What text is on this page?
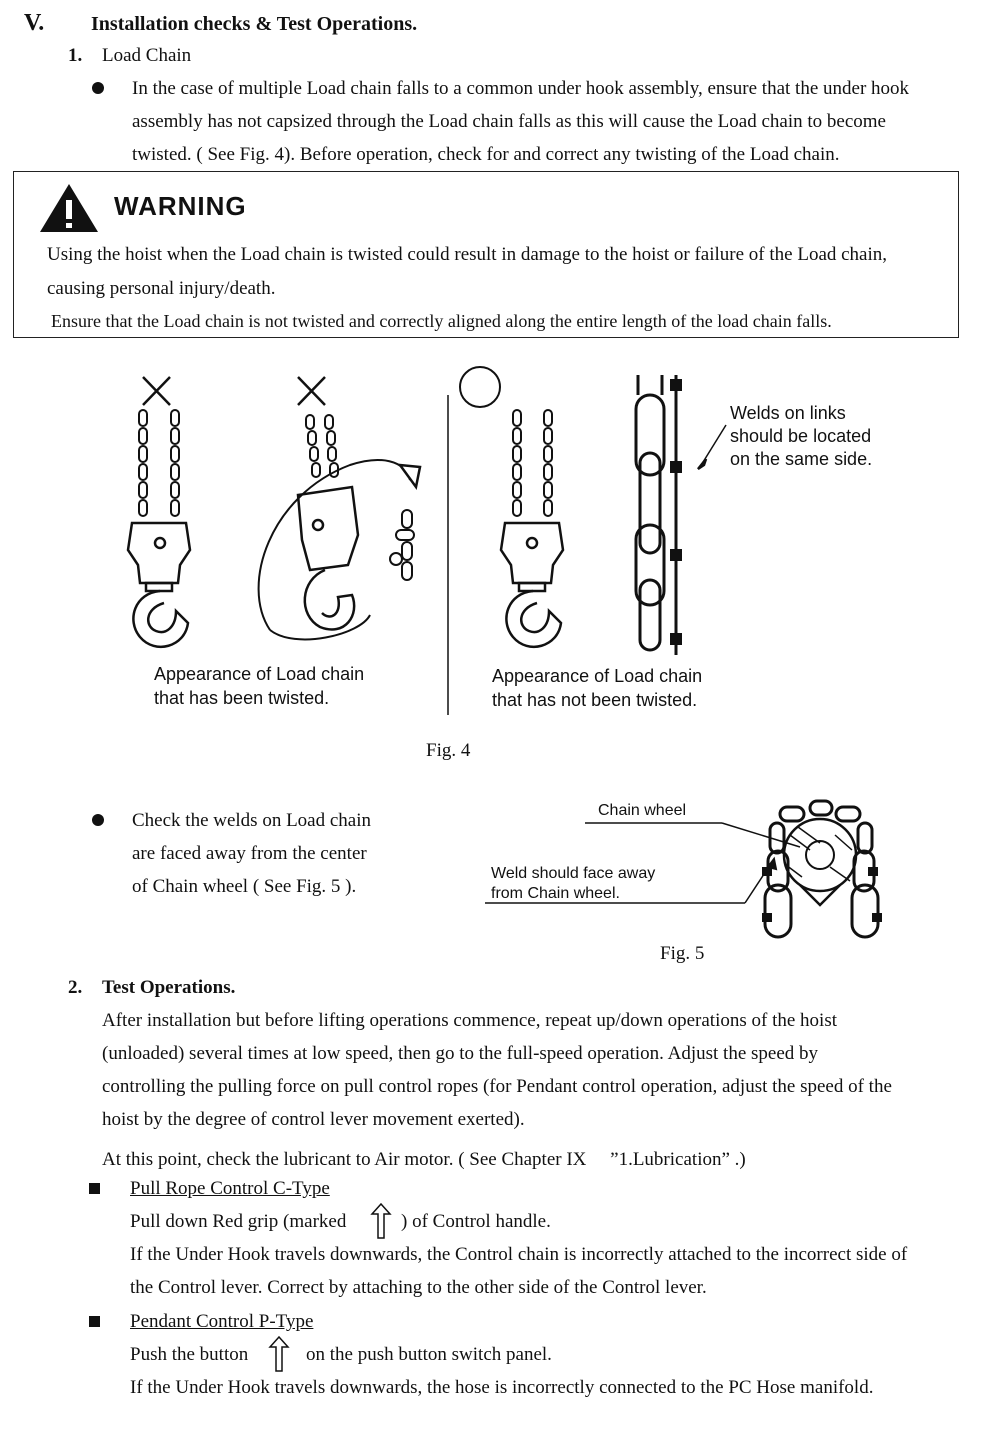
V. Installation checks & Test Operations.
1. Load Chain
In the case of multiple Load chain falls to a common under hook assembly, ensure that the under hook
assembly has not capsized through the Load chain falls as this will cause the Load chain to become
twisted. ( See Fig. 4). Before operation, check for and correct any twisting of the Load chain.
WARNING
Using the hoist when the Load chain is twisted could result in damage to the hoist or failure of the Load chain,
causing personal injury/death.
Ensure that the Load chain is not twisted and correctly aligned along the entire length of the load chain falls.
Appearance of Load chain
that has been twisted.
Appearance of Load chain
that has not been twisted.
Welds on links
should be located
on the same side.
Fig. 4
Check the welds on Load chain
are faced away from the center
of Chain wheel ( See Fig. 5 ).
Chain wheel
Weld should face away
from Chain wheel.
Fig. 5
2. Test Operations.
After installation but before lifting operations commence, repeat up/down operations of the hoist
(unloaded) several times at low speed, then go to the full-speed operation. Adjust the speed by
controlling the pulling force on pull control ropes (for Pendant control operation, adjust the speed of the
hoist by the degree of control lever movement exerted).
At this point, check the lubricant to Air motor. ( See Chapter IX 　”1.Lubrication” .)
Pull Rope Control C-Type
Pull down Red grip (marked	) of Control handle.
If the Under Hook travels downwards, the Control chain is incorrectly attached to the incorrect side of
the Control lever. Correct by attaching to the other side of the Control lever.
Pendant Control P-Type
Push the button	on the push button switch panel.
If the Under Hook travels downwards, the hose is incorrectly connected to the PC Hose manifold.
